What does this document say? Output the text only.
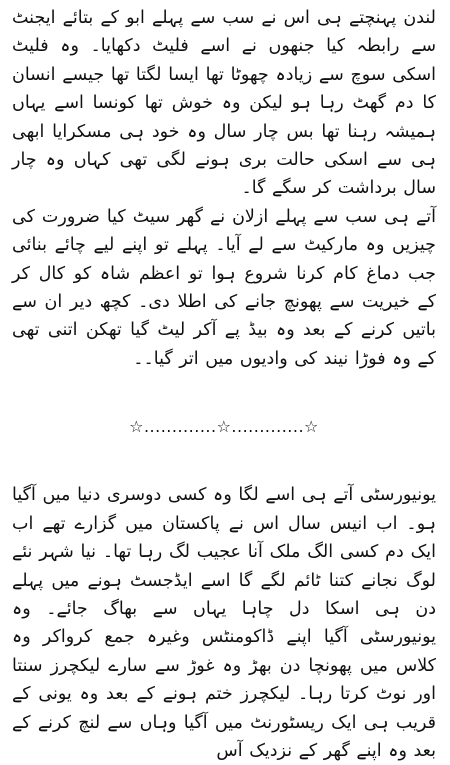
لندن پہنچتے ہی اس نے سب سے پہلے ابو کے بتائے ایجنٹ سے رابطہ کیا جنھوں نے اسے فلیٹ دکھایا۔ وہ فلیٹ اسکی سوچ سے زیادہ چھوٹا تھا ایسا لگتا تھا جیسے انسان کا دم گھٹ رہا ہو لیکن وہ خوش تھا کونسا اسے یہاں ہمیشہ رہنا تھا بس چار سال وہ خود ہی مسکرایا ابھی ہی سے اسکی حالت بری ہونے لگی تھی کہاں وہ چار سال برداشت کر سگے گا۔

آتے ہی سب سے پہلے ازلان نے گھر سیٹ کیا ضرورت کی چیزیں وہ مارکیٹ سے لے آیا۔ پہلے تو اپنے لیے چائے بنائی جب دماغ کام کرنا شروع ہوا تو اعظم شاہ کو کال کر کے خیریت سے پھونچ جانے کی اطلا دی۔ کچھ دیر ان سے باتیں کرنے کے بعد وہ بیڈ پے آکر لیٹ گیا تھکن اتنی تھی کے وہ فوڑا نیند کی وادیوں میں اتر گیا۔۔

☆.............☆.............☆

یونیورسٹی آتے ہی اسے لگا وہ کسی دوسری دنیا میں آگیا ہو۔ اب انیس سال اس نے پاکستان میں گزارے تھے اب ایک دم کسی الگ ملک آنا عجیب لگ رہا تھا۔ نیا شہر نئے لوگ نجانے کتنا ٹائم لگے گا اسے ایڈجسٹ ہونے میں پہلے دن ہی اسکا دل چاہا یہاں سے بھاگ جائے۔ وہ یونیورسٹی آگیا اپنے ڈاکومنٹس وغیرہ جمع کرواکر وہ کلاس میں پھونچا دن بھڑ وہ غوڑ سے سارے لیکچرز سنتا اور نوٹ کرتا رہا۔ لیکچرز ختم ہونے کے بعد وہ یونی کے قریب ہی ایک ریسٹورنٹ میں آگیا وہاں سے لنچ کرنے کے بعد وہ اپنے گھر کے نزدیک آس
